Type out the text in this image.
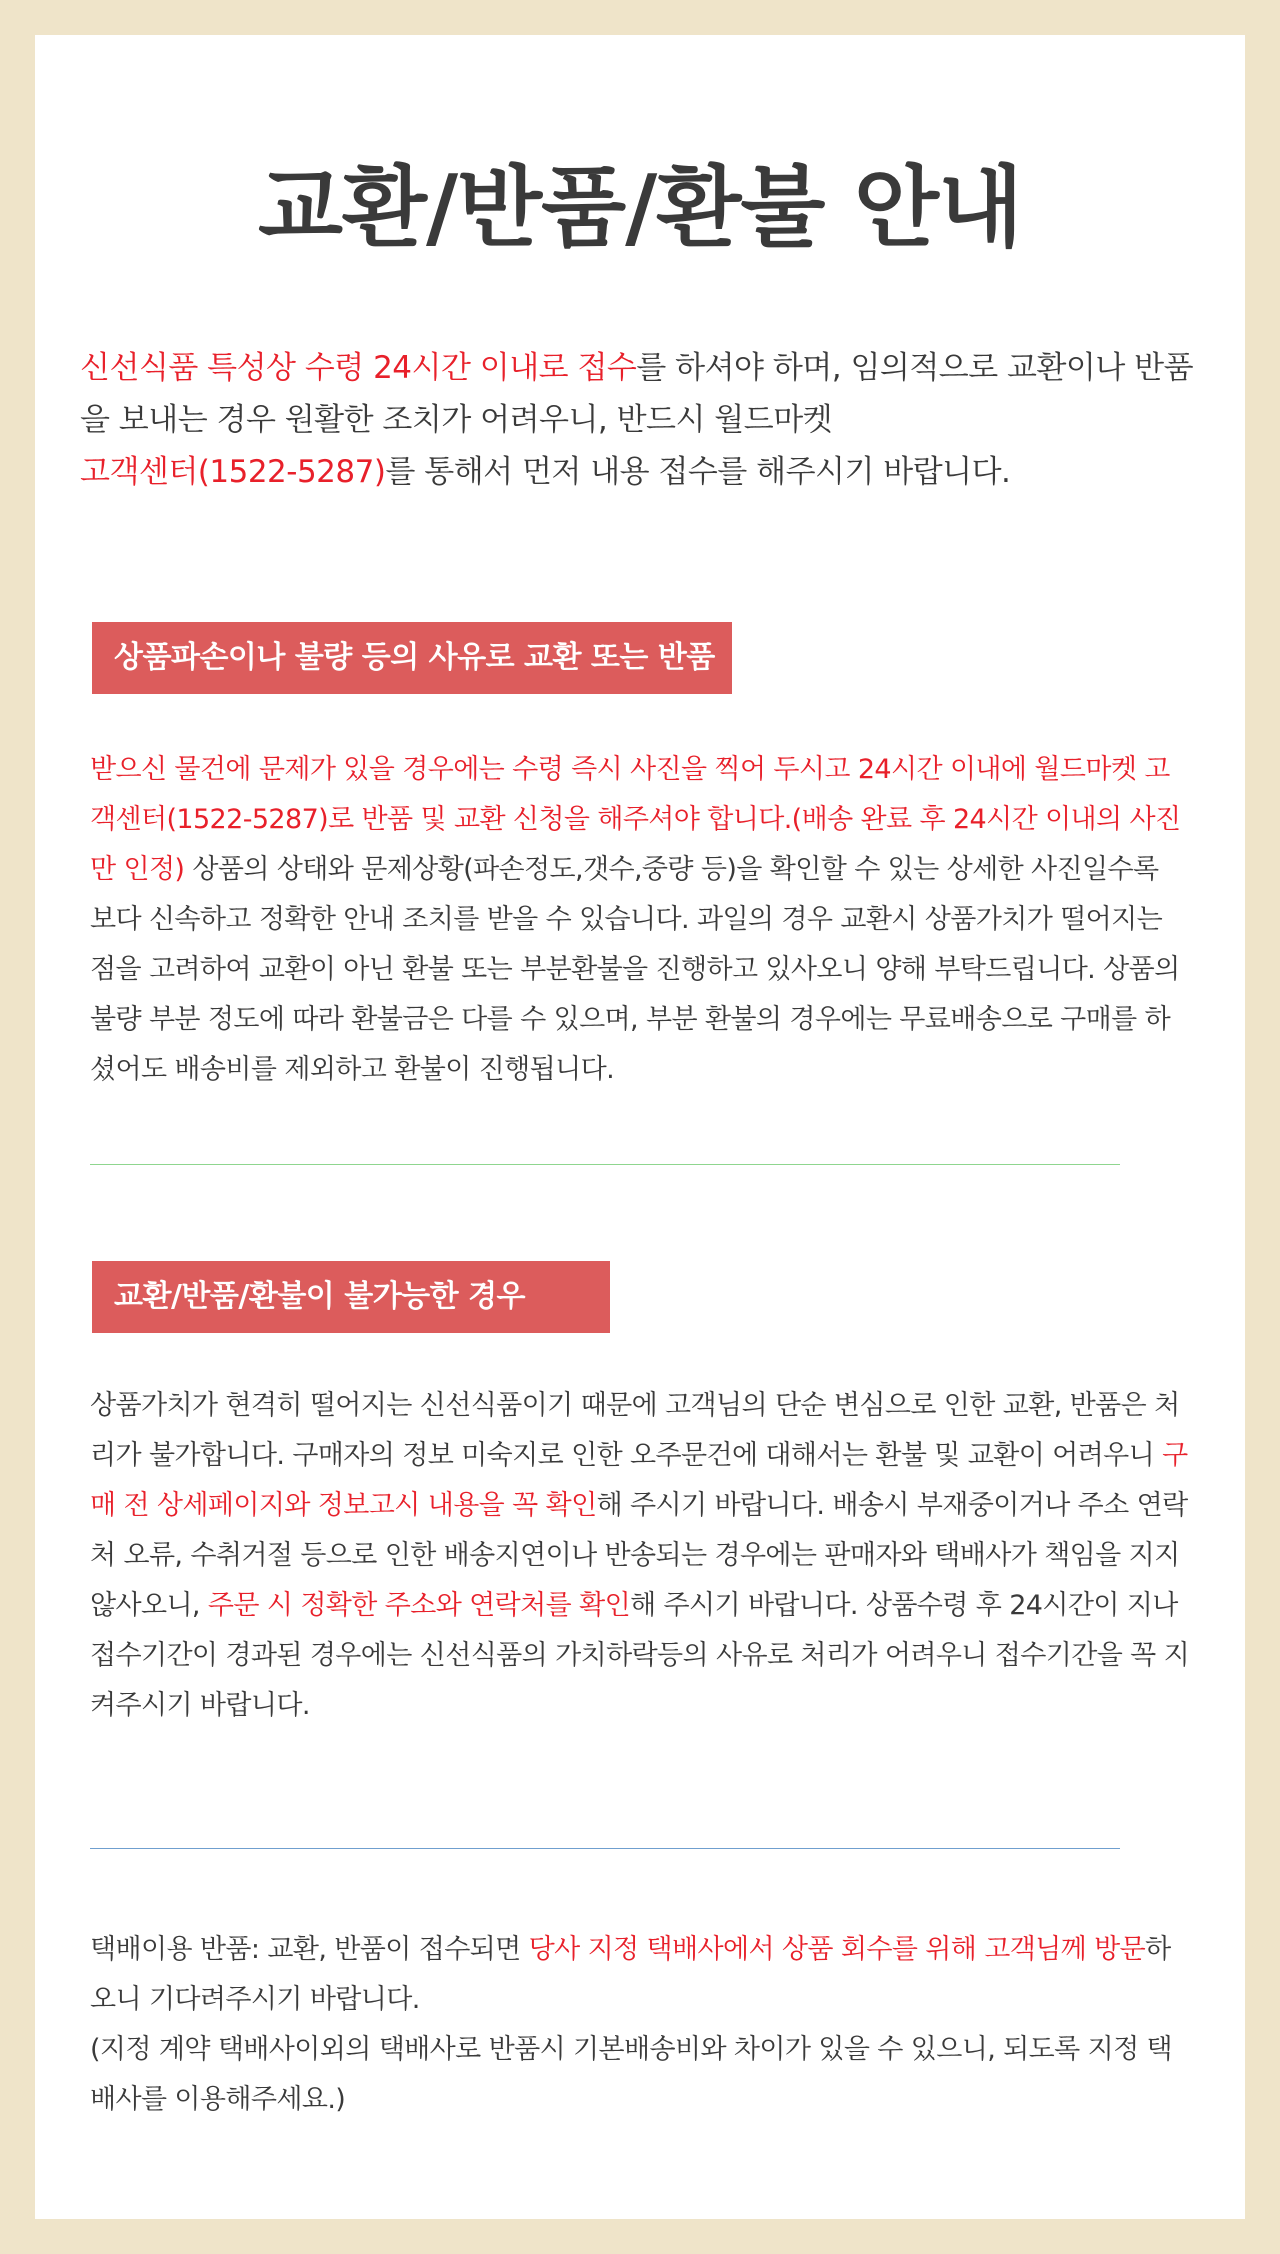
교환/반품/환불 안내

신선식품 특성상 수령 24시간 이내로 접수를 하셔야 하며, 임의적으로 교환이나 반품을 보내는 경우 원활한 조치가 어려우니, 반드시 월드마켓
고객센터(1522-5287)를 통해서 먼저 내용 접수를 해주시기 바랍니다.

상품파손이나 불량 등의 사유로 교환 또는 반품

받으신 물건에 문제가 있을 경우에는 수령 즉시 사진을 찍어 두시고 24시간 이내에 월드마켓 고객센터(1522-5287)로 반품 및 교환 신청을 해주셔야 합니다.(배송 완료 후 24시간 이내의 사진만 인정) 상품의 상태와 문제상황(파손정도,갯수,중량 등)을 확인할 수 있는 상세한 사진일수록 보다 신속하고 정확한 안내 조치를 받을 수 있습니다. 과일의 경우 교환시 상품가치가 떨어지는 점을 고려하여 교환이 아닌 환불 또는 부분환불을 진행하고 있사오니 양해 부탁드립니다. 상품의 불량 부분 정도에 따라 환불금은 다를 수 있으며, 부분 환불의 경우에는 무료배송으로 구매를 하셨어도 배송비를 제외하고 환불이 진행됩니다.

교환/반품/환불이 불가능한 경우

상품가치가 현격히 떨어지는 신선식품이기 때문에 고객님의 단순 변심으로 인한 교환, 반품은 처리가 불가합니다. 구매자의 정보 미숙지로 인한 오주문건에 대해서는 환불 및 교환이 어려우니 구매 전 상세페이지와 정보고시 내용을 꼭 확인해 주시기 바랍니다. 배송시 부재중이거나 주소 연락처 오류, 수취거절 등으로 인한 배송지연이나 반송되는 경우에는 판매자와 택배사가 책임을 지지 않사오니, 주문 시 정확한 주소와 연락처를 확인해 주시기 바랍니다. 상품수령 후 24시간이 지나 접수기간이 경과된 경우에는 신선식품의 가치하락등의 사유로 처리가 어려우니 접수기간을 꼭 지켜주시기 바랍니다.

택배이용 반품: 교환, 반품이 접수되면 당사 지정 택배사에서 상품 회수를 위해 고객님께 방문하오니 기다려주시기 바랍니다.
(지정 계약 택배사이외의 택배사로 반품시 기본배송비와 차이가 있을 수 있으니, 되도록 지정 택배사를 이용해주세요.)
